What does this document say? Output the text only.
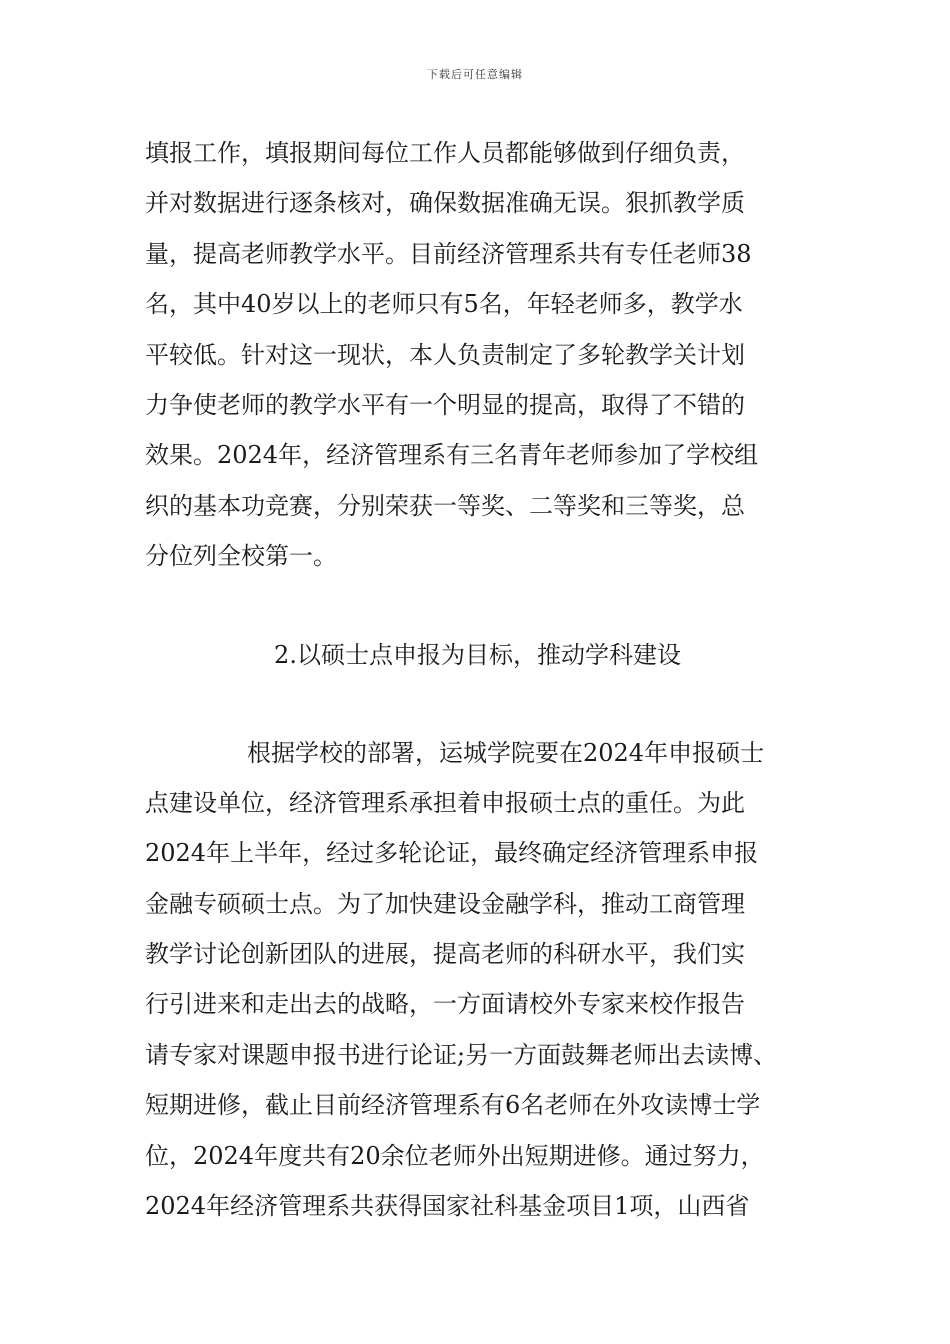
下载后可任意编辑
填报工作，填报期间每位工作人员都能够做到仔细负责，
并对数据进行逐条核对，确保数据准确无误。狠抓教学质
量，提高老师教学水平。目前经济管理系共有专任老师38
名，其中40岁以上的老师只有5名，年轻老师多，教学水
平较低。针对这一现状，本人负责制定了多轮教学关计划
力争使老师的教学水平有一个明显的提高，取得了不错的
效果。2024年，经济管理系有三名青年老师参加了学校组
织的基本功竞赛，分别荣获一等奖、二等奖和三等奖，总
分位列全校第一。
2.以硕士点申报为目标，推动学科建设
根据学校的部署，运城学院要在2024年申报硕士
点建设单位，经济管理系承担着申报硕士点的重任。为此
2024年上半年，经过多轮论证，最终确定经济管理系申报
金融专硕硕士点。为了加快建设金融学科，推动工商管理
教学讨论创新团队的进展，提高老师的科研水平，我们实
行引进来和走出去的战略，一方面请校外专家来校作报告
请专家对课题申报书进行论证;另一方面鼓舞老师出去读博、
短期进修，截止目前经济管理系有6名老师在外攻读博士学
位，2024年度共有20余位老师外出短期进修。通过努力，
2024年经济管理系共获得国家社科基金项目1项，山西省
